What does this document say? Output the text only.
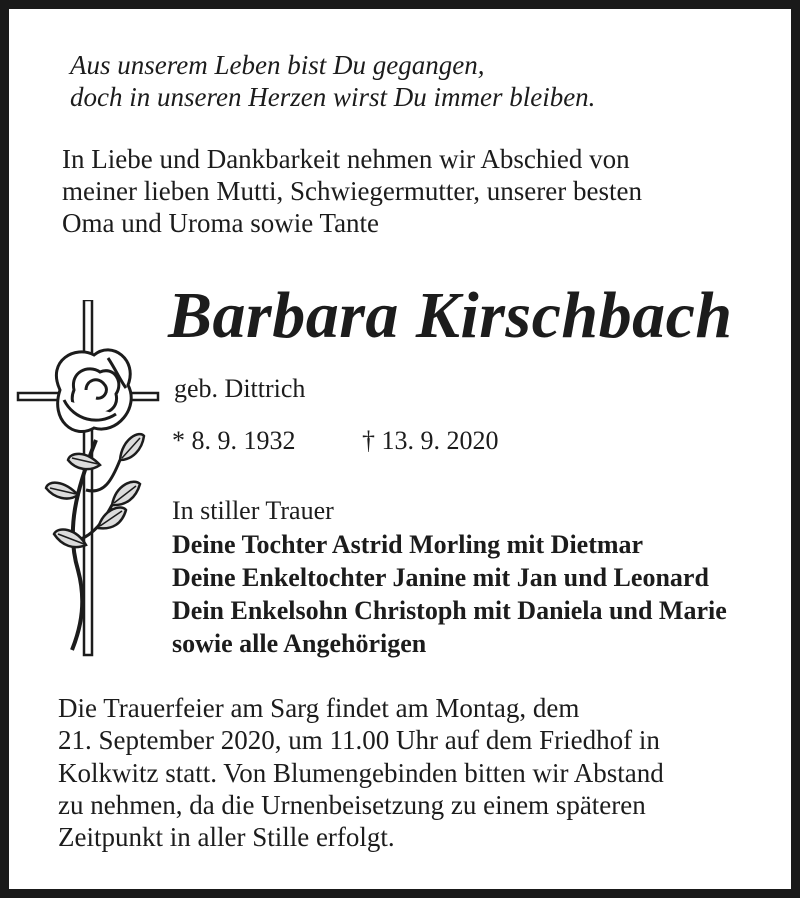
Aus unserem Leben bist Du gegangen,
doch in unseren Herzen wirst Du immer bleiben.
In Liebe und Dankbarkeit nehmen wir Abschied von
meiner lieben Mutti, Schwiegermutter, unserer besten
Oma und Uroma sowie Tante
Barbara Kirschbach
geb. Dittrich
* 8. 9. 1932	† 13. 9. 2020
In stiller Trauer
Deine Tochter Astrid Morling mit Dietmar
Deine Enkeltochter Janine mit Jan und Leonard
Dein Enkelsohn Christoph mit Daniela und Marie
sowie alle Angehörigen
Die Trauerfeier am Sarg findet am Montag, dem
21. September 2020, um 11.00 Uhr auf dem Friedhof in
Kolkwitz statt. Von Blumengebinden bitten wir Abstand
zu nehmen, da die Urnenbeisetzung zu einem späteren
Zeitpunkt in aller Stille erfolgt.
